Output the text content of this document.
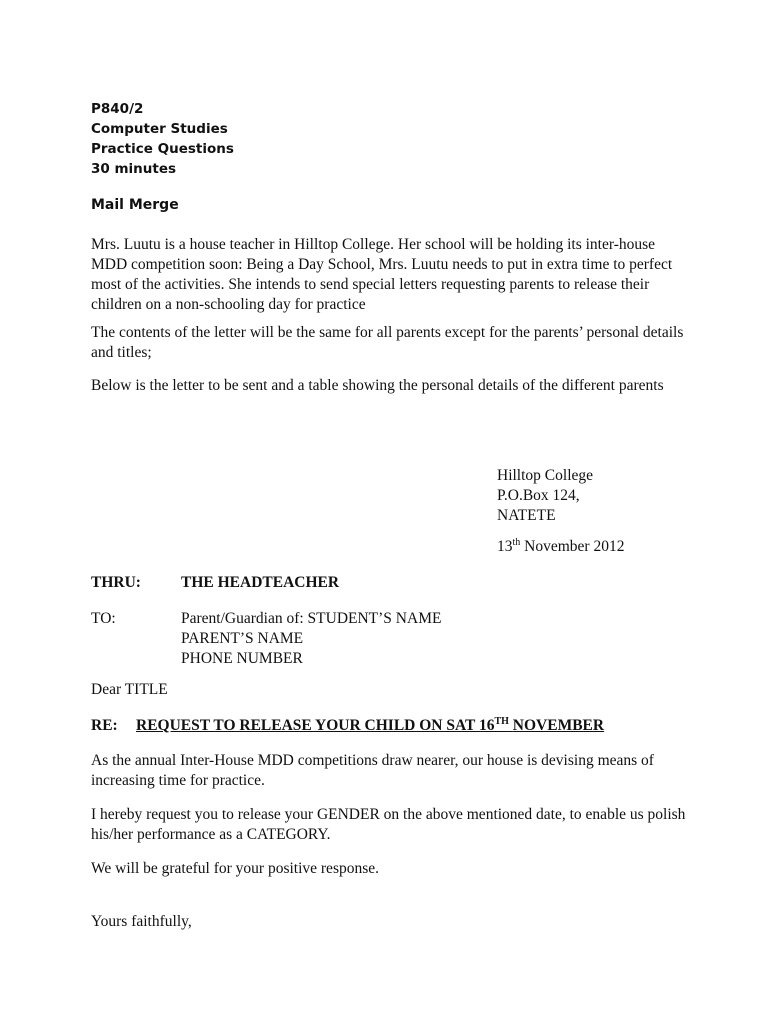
P840/2
Computer Studies
Practice Questions
30 minutes
Mail Merge

Mrs. Luutu is a house teacher in Hilltop College. Her school will be holding its inter-house MDD competition soon: Being a Day School, Mrs. Luutu needs to put in extra time to perfect most of the activities. She intends to send special letters requesting parents to release their children on a non-schooling day for practice

The contents of the letter will be the same for all parents except for the parents’ personal details and titles;

Below is the letter to be sent and a table showing the personal details of the different parents

Hilltop College
P.O.Box 124,
NATETE
13th November 2012
THRU:	THE HEADTEACHER
TO:	Parent/Guardian of: STUDENT’S NAME
PARENT’S NAME
PHONE NUMBER
Dear TITLE
RE: REQUEST TO RELEASE YOUR CHILD ON SAT 16TH NOVEMBER

As the annual Inter-House MDD competitions draw nearer, our house is devising means of increasing time for practice.

I hereby request you to release your GENDER on the above mentioned date, to enable us polish his/her performance as a CATEGORY.

We will be grateful for your positive response.

Yours faithfully,
